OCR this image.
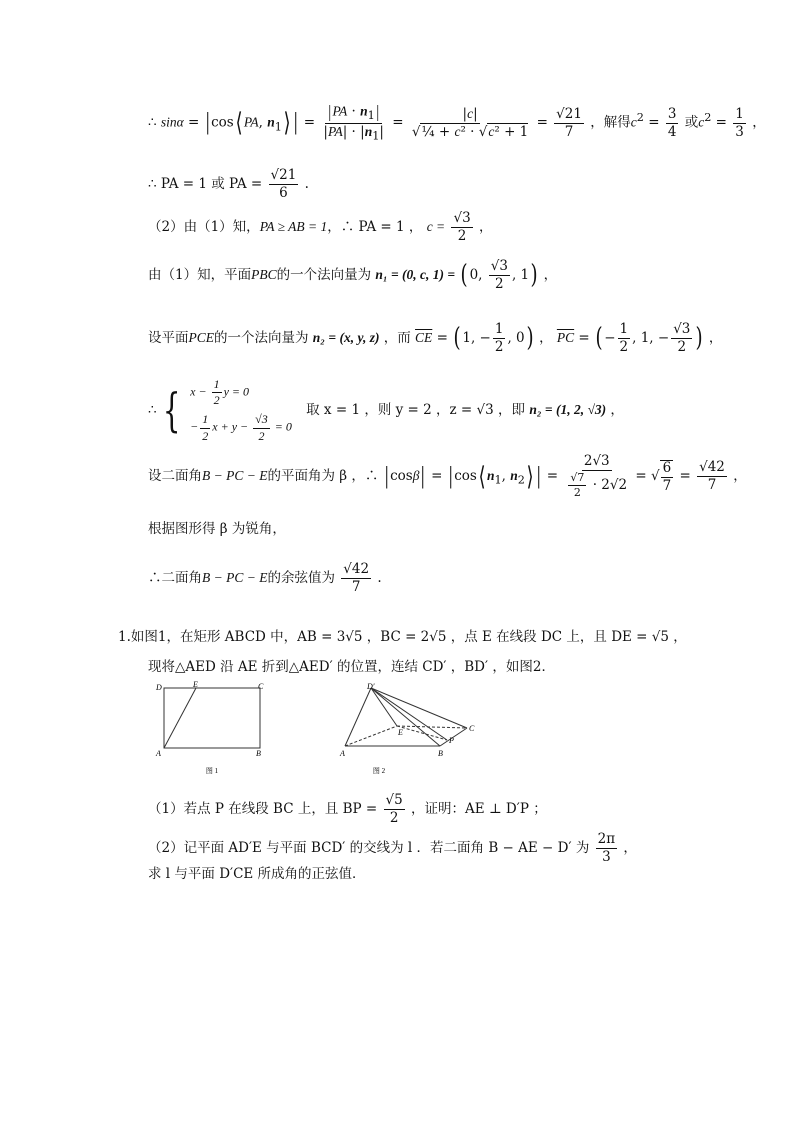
∴ sinα = |cos⟨ PA, $n_1⟩$ | = $\frac{|PA \cdot n_1|}{|PA| \cdot |n_1|} = \frac{|c|}{\text{√¼ + c² · √c² + 1}} = \frac{√21}{7}$ ，解得$c^2 = \frac{3}{4}$ 或$c^2 = \frac{1}{3}$ ，
∴ PA = 1 或 PA = $\frac{√21}{6}$ .
（2）由（1）知，PA ≥ AB = 1，∴ PA = 1 ， $c = \frac{√3}{2}$ ，
由（1）知，平面PBC的一个法向量为 n₁ = (0, c, 1) = ( 0, $\frac{√3}{2}$ , 1) ，
设平面PCE的一个法向量为 n₂ = (x, y, z) ，而 $\overline{CE}$ = ( 1, − $\frac{1}{2}$ , 0) ， $\overline{PC}$ = ( − $\frac{1}{2}$ , 1, − $\frac{√3}{2}$ ) ，
∴ { $x - \frac{1}{2}$ y = 0
− $\frac{1}{2}$ $x + y - \frac{√3}{2} = 0$
取 x = 1 ，则 y = 2 ，z = √3 ，即 n₂ = (1, 2, √3) ，
设二面角B − PC − E的平面角为 β ，∴ |cosβ| = |cos⟨ $n_1$, $n_2⟩$ | = $\frac{2√3}{\frac{√7}{2} \cdot 2√2}$ = √ $\frac{6}{7} = \frac{√42}{7}$ ，
根据图形得 β 为锐角，
∴二面角B − PC − E的余弦值为 $\frac{√42}{7}$ .
1.如图1，在矩形 ABCD 中，AB = 3√5 ，BC = 2√5 ，点 E 在线段 DC 上，且 DE = √5 ，
现将△AED 沿 AE 折到△AED′ 的位置，连结 CD′ ，BD′ ，如图2．
D	E	C
A	B
图 1
D′
E	C
P
A	B
图 2
（1）若点 P 在线段 BC 上，且 BP = $\frac{√5}{2}$ ，证明：AE ⊥ D′P ；
（2）记平面 AD′E 与平面 BCD′ 的交线为 l ．若二面角 B − AE − D′ 为 $\frac{2\pi}{3}$ ，
求 l 与平面 D′CE 所成角的正弦值．
